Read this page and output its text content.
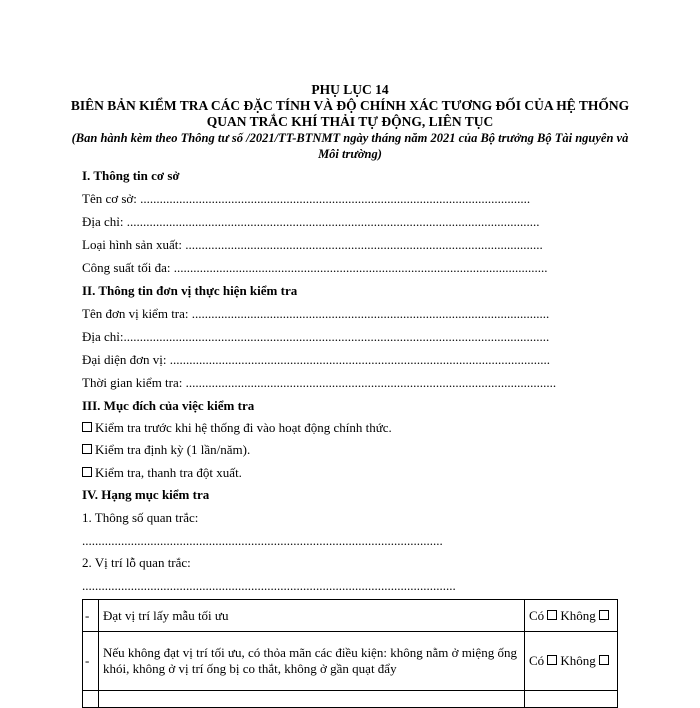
PHỤ LỤC 14
BIÊN BẢN KIỂM TRA CÁC ĐẶC TÍNH VÀ ĐỘ CHÍNH XÁC TƯƠNG ĐỐI CỦA HỆ THỐNG QUAN TRẮC KHÍ THẢI TỰ ĐỘNG, LIÊN TỤC
(Ban hành kèm theo Thông tư số /2021/TT-BTNMT ngày tháng năm 2021 của Bộ trưởng Bộ Tài nguyên và Môi trường)
I. Thông tin cơ sở
Tên cơ sở: ........................................................................................................................
Địa chỉ: ...............................................................................................................................
Loại hình sản xuất: ..............................................................................................................
Công suất tối đa: ...................................................................................................................
II. Thông tin đơn vị thực hiện kiểm tra
Tên đơn vị kiểm tra: ..............................................................................................................
Địa chỉ:...................................................................................................................................
Đại diện đơn vị: .....................................................................................................................
Thời gian kiểm tra: ..................................................................................................................
III. Mục đích của việc kiểm tra
Kiểm tra trước khi hệ thống đi vào hoạt động chính thức.
Kiểm tra định kỳ (1 lần/năm).
Kiểm tra, thanh tra đột xuất.
IV. Hạng mục kiểm tra
1. Thông số quan trắc:
...............................................................................................................
2. Vị trí lỗ quan trắc:
...................................................................................................................
-	Đạt vị trí lấy mẫu tối ưu	Có Không
-	Nếu không đạt vị trí tối ưu, có thỏa mãn các điều kiện: không nằm ở miệng ống khói, không ở vị trí ống bị co thắt, không ở gần quạt đẩy	Có Không
